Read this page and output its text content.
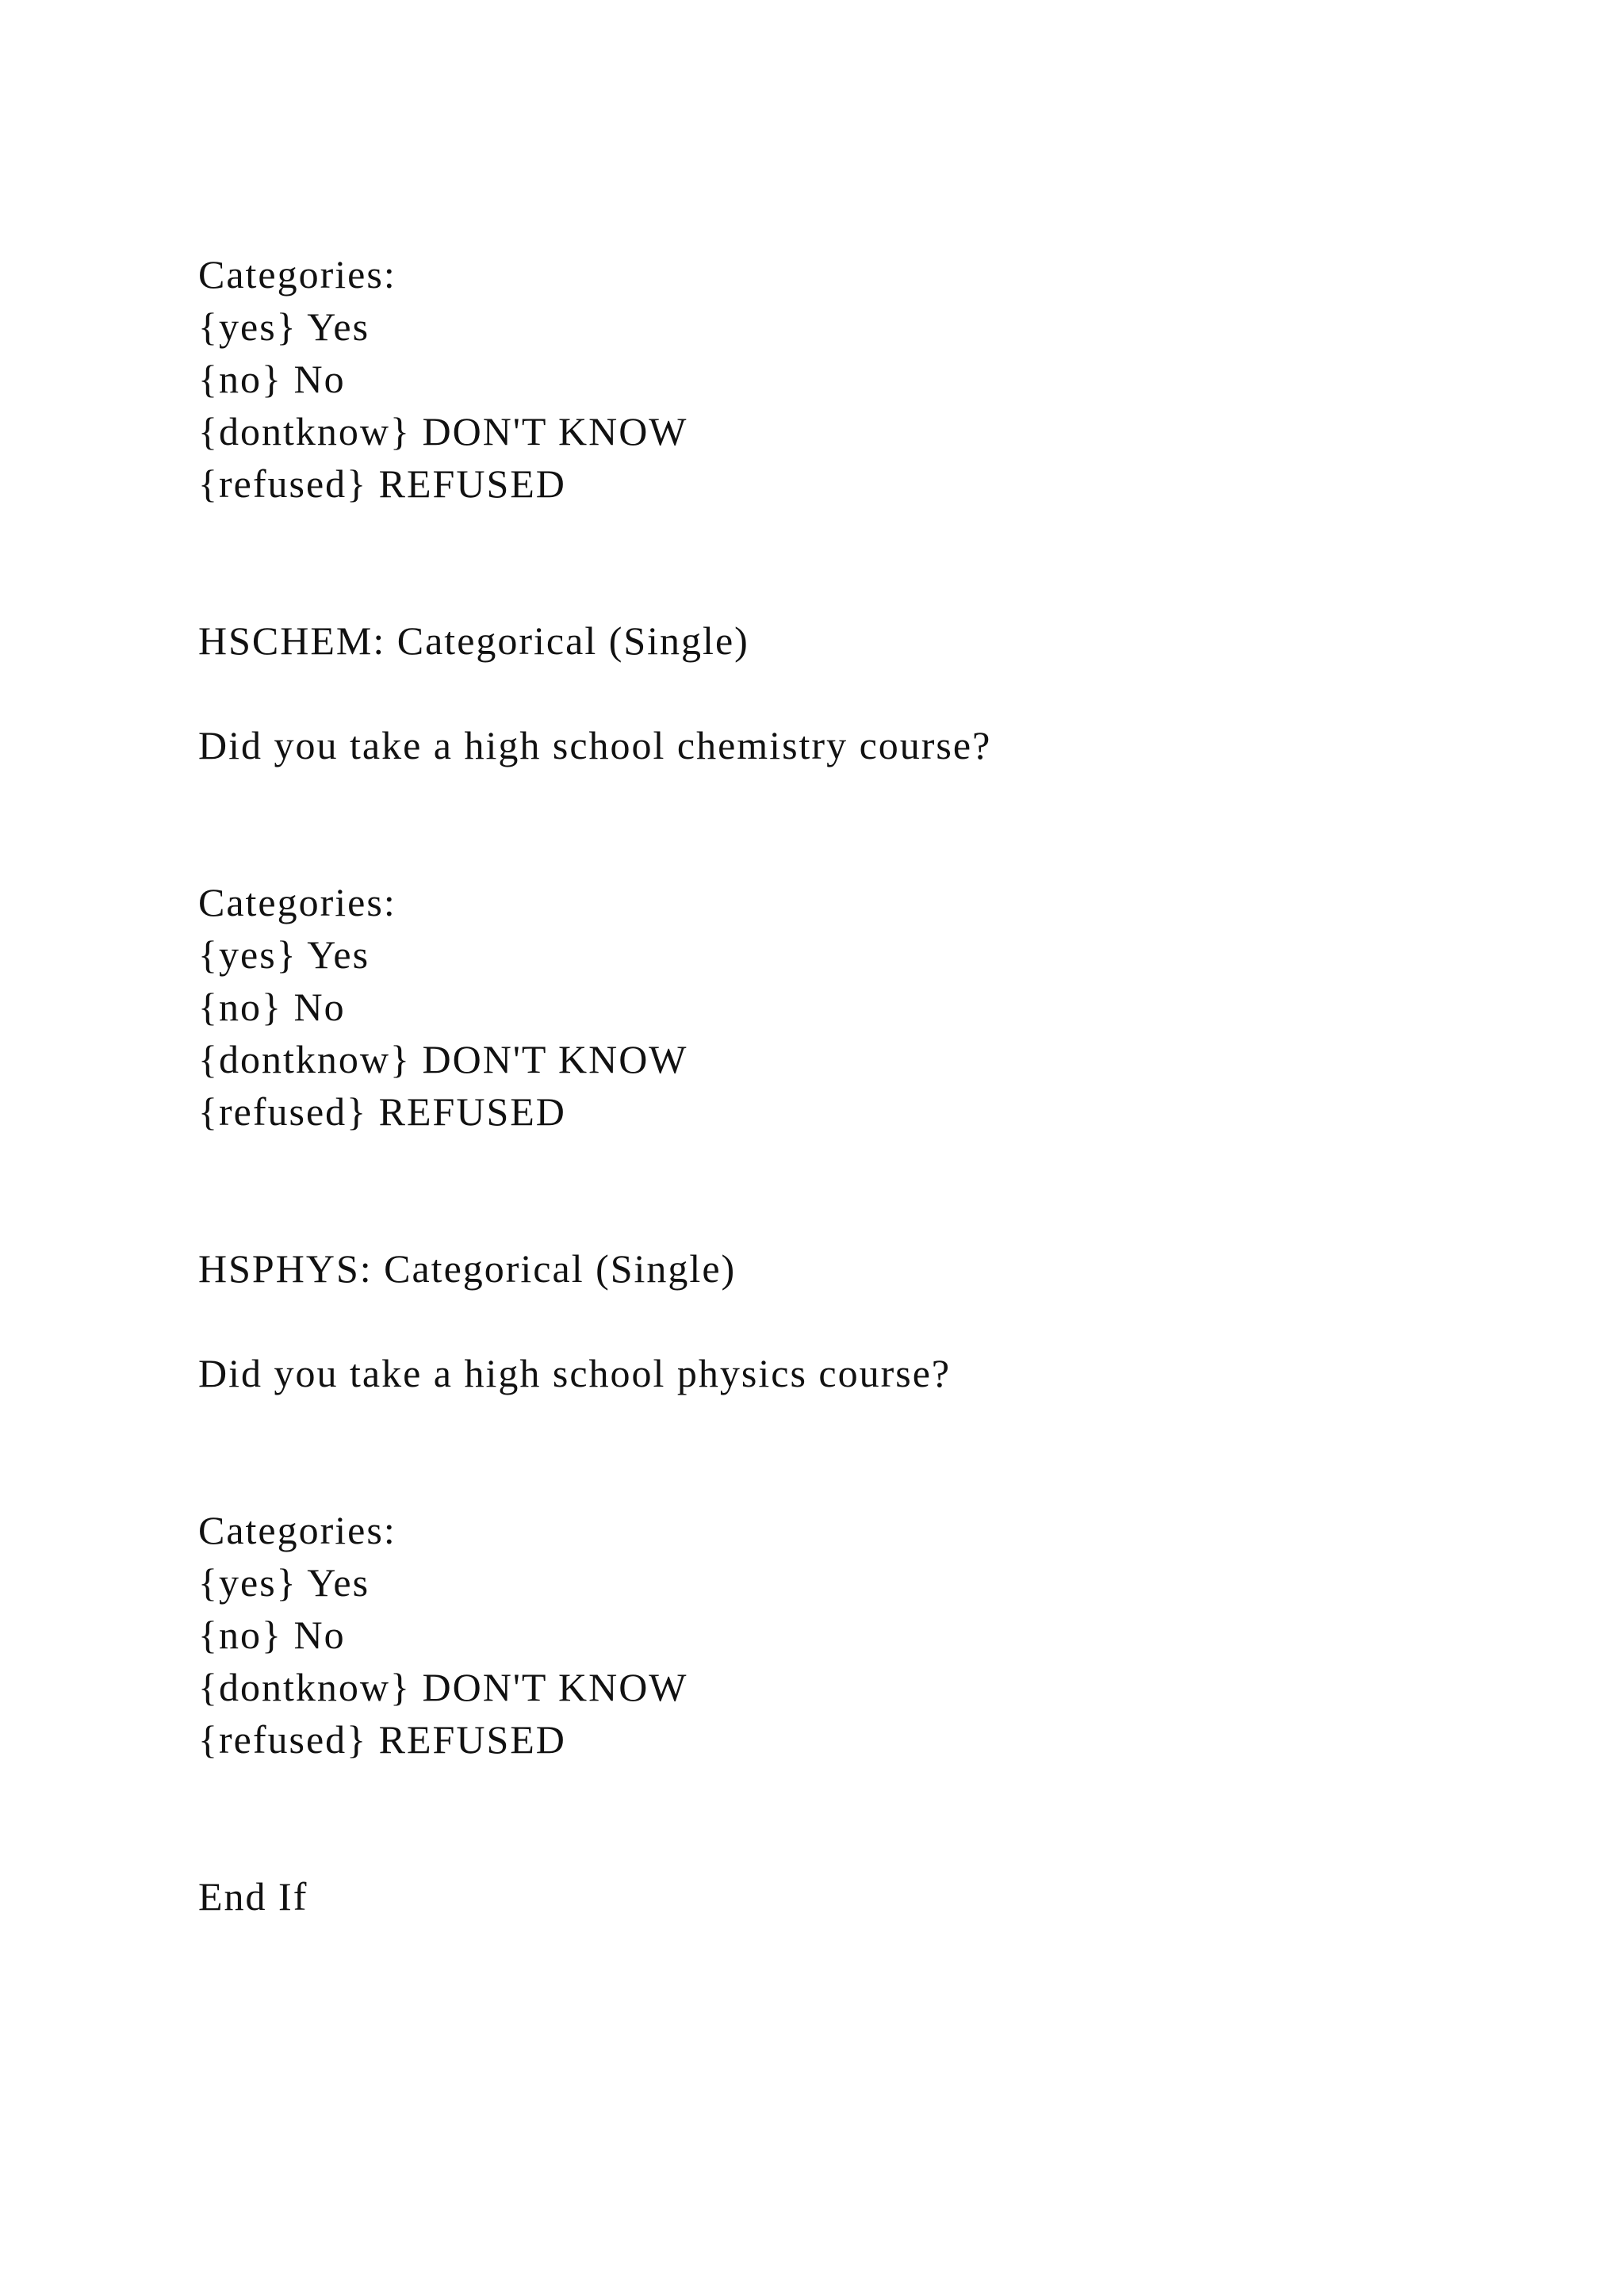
Categories:

{yes} Yes

{no} No

{dontknow} DON'T KNOW

{refused} REFUSED

HSCHEM: Categorical (Single)

Did you take a high school chemistry course?

Categories:

{yes} Yes

{no} No

{dontknow} DON'T KNOW

{refused} REFUSED

HSPHYS: Categorical (Single)

Did you take a high school physics course?

Categories:

{yes} Yes

{no} No

{dontknow} DON'T KNOW

{refused} REFUSED

End If
